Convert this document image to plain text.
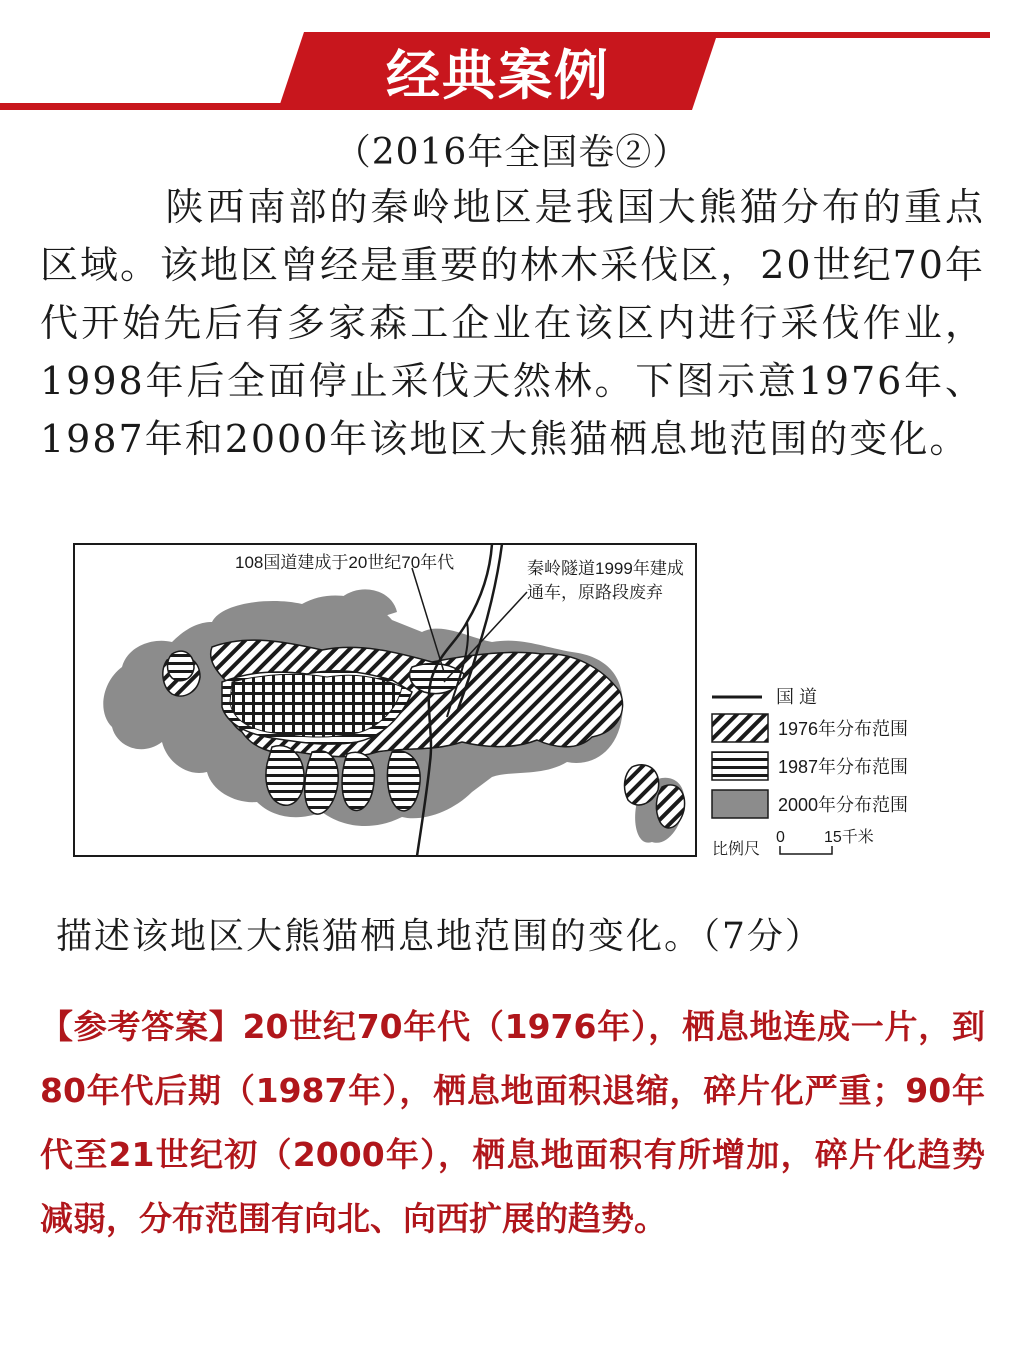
经典案例
（2016年全国卷②）

陕西南部的秦岭地区是我国大熊猫分布的重点区域。该地区曾经是重要的林木采伐区，20世纪70年代开始先后有多家森工企业在该区内进行采伐作业，1998年后全面停止采伐天然林。下图示意1976年、1987年和2000年该地区大熊猫栖息地范围的变化。

108国道建成于20世纪70年代	秦岭隧道1999年建成
通车，原路段废弃
国 道
1976年分布范围
1987年分布范围
2000年分布范围
比例尺
0 15千米
描述该地区大熊猫栖息地范围的变化。（7分）
【参考答案】20世纪70年代（1976年），栖息地连成一片，到80年代后期（1987年），栖息地面积退缩，碎片化严重；90年代至21世纪初（2000年），栖息地面积有所增加，碎片化趋势减弱，分布范围有向北、向西扩展的趋势。
